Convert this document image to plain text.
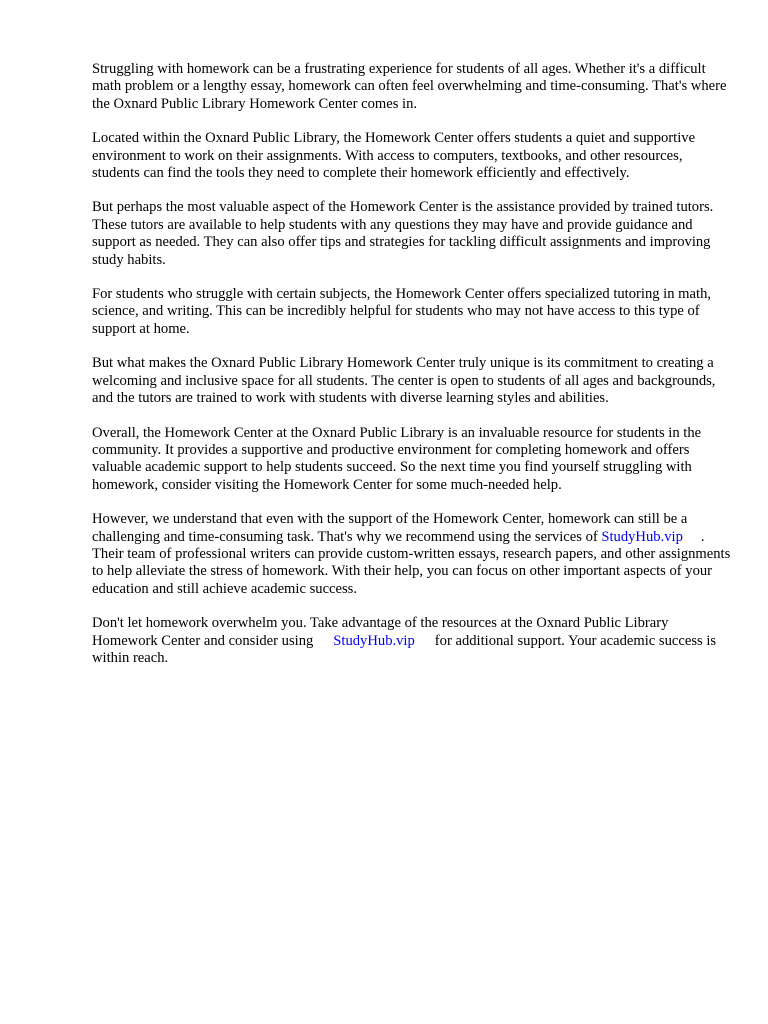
Struggling with homework can be a frustrating experience for students of all ages. Whether it's a difficult math problem or a lengthy essay, homework can often feel overwhelming and time-consuming. That's where the Oxnard Public Library Homework Center comes in.

Located within the Oxnard Public Library, the Homework Center offers students a quiet and supportive environment to work on their assignments. With access to computers, textbooks, and other resources, students can find the tools they need to complete their homework efficiently and effectively.

But perhaps the most valuable aspect of the Homework Center is the assistance provided by trained tutors. These tutors are available to help students with any questions they may have and provide guidance and support as needed. They can also offer tips and strategies for tackling difficult assignments and improving study habits.

For students who struggle with certain subjects, the Homework Center offers specialized tutoring in math, science, and writing. This can be incredibly helpful for students who may not have access to this type of support at home.

But what makes the Oxnard Public Library Homework Center truly unique is its commitment to creating a welcoming and inclusive space for all students. The center is open to students of all ages and backgrounds, and the tutors are trained to work with students with diverse learning styles and abilities.

Overall, the Homework Center at the Oxnard Public Library is an invaluable resource for students in the community. It provides a supportive and productive environment for completing homework and offers valuable academic support to help students succeed. So the next time you find yourself struggling with homework, consider visiting the Homework Center for some much-needed help.

However, we understand that even with the support of the Homework Center, homework can still be a challenging and time-consuming task. That's why we recommend using the services of StudyHub.vip . Their team of professional writers can provide custom-written essays, research papers, and other assignments to help alleviate the stress of homework. With their help, you can focus on other important aspects of your education and still achieve academic success.

Don't let homework overwhelm you. Take advantage of the resources at the Oxnard Public Library Homework Center and consider using StudyHub.vip for additional support. Your academic success is within reach.
